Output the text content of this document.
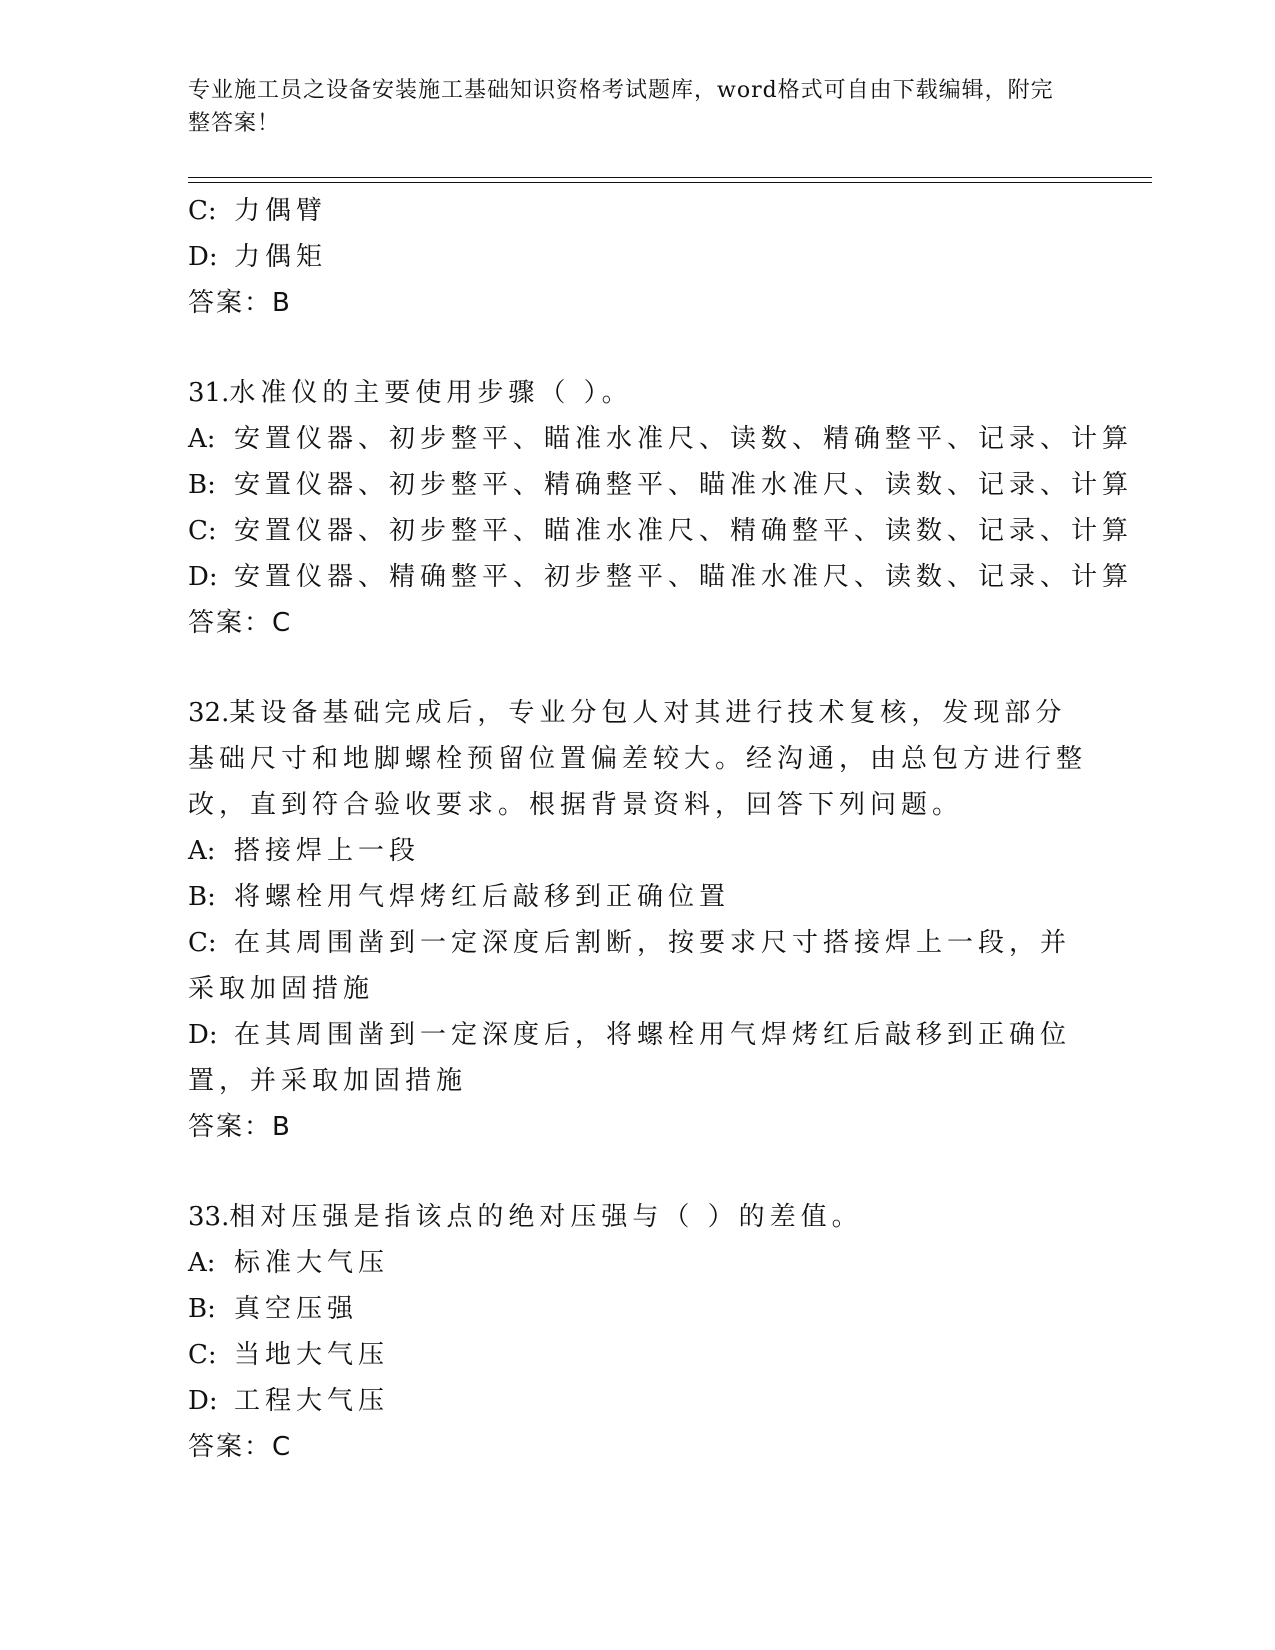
专业施工员之设备安装施工基础知识资格考试题库，word格式可自由下载编辑，附完整答案！
C: 力偶臂
D: 力偶矩
答案：B
31.水准仪的主要使用步骤（ ）。
A: 安置仪器、初步整平、瞄准水准尺、读数、精确整平、记录、计算
B: 安置仪器、初步整平、精确整平、瞄准水准尺、读数、记录、计算
C: 安置仪器、初步整平、瞄准水准尺、精确整平、读数、记录、计算
D: 安置仪器、精确整平、初步整平、瞄准水准尺、读数、记录、计算
答案：C
32.某设备基础完成后，专业分包人对其进行技术复核，发现部分基础尺寸和地脚螺栓预留位置偏差较大。经沟通，由总包方进行整改，直到符合验收要求。根据背景资料，回答下列问题。
A: 搭接焊上一段
B: 将螺栓用气焊烤红后敲移到正确位置
C: 在其周围凿到一定深度后割断，按要求尺寸搭接焊上一段，并采取加固措施
D: 在其周围凿到一定深度后，将螺栓用气焊烤红后敲移到正确位置，并采取加固措施
答案：B
33.相对压强是指该点的绝对压强与（ ）的差值。
A: 标准大气压
B: 真空压强
C: 当地大气压
D: 工程大气压
答案：C
